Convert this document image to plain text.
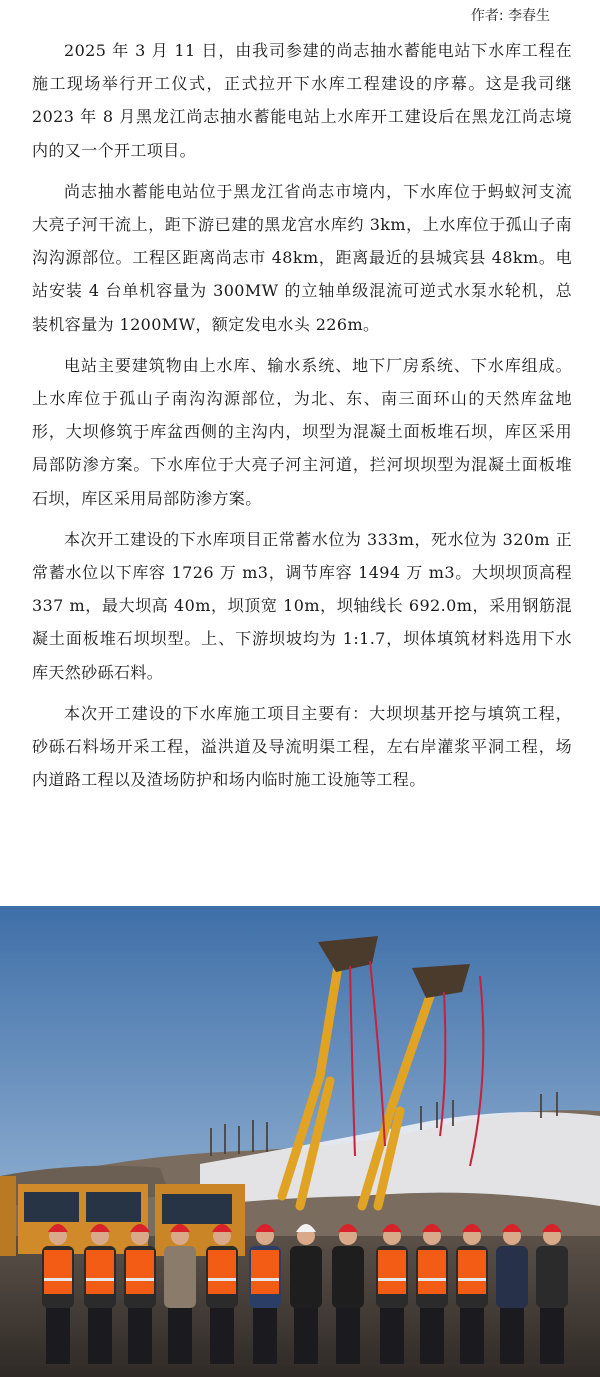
作者: 李春生

2025 年 3 月 11 日，由我司参建的尚志抽水蓄能电站下水库工程在施工现场举行开工仪式，正式拉开下水库工程建设的序幕。这是我司继 2023 年 8 月黑龙江尚志抽水蓄能电站上水库开工建设后在黑龙江尚志境内的又一个开工项目。

尚志抽水蓄能电站位于黑龙江省尚志市境内，下水库位于蚂蚁河支流大亮子河干流上，距下游已建的黑龙宫水库约 3km，上水库位于孤山子南沟沟源部位。工程区距离尚志市 48km，距离最近的县城宾县 48km。电站安装 4 台单机容量为 300MW 的立轴单级混流可逆式水泵水轮机，总装机容量为 1200MW，额定发电水头 226m。

电站主要建筑物由上水库、输水系统、地下厂房系统、下水库组成。上水库位于孤山子南沟沟源部位，为北、东、南三面环山的天然库盆地形，大坝修筑于库盆西侧的主沟内，坝型为混凝土面板堆石坝，库区采用局部防渗方案。下水库位于大亮子河主河道，拦河坝坝型为混凝土面板堆石坝，库区采用局部防渗方案。

本次开工建设的下水库项目正常蓄水位为 333m，死水位为 320m 正常蓄水位以下库容 1726 万 m3，调节库容 1494 万 m3。大坝坝顶高程 337 m，最大坝高 40m，坝顶宽 10m，坝轴线长 692.0m，采用钢筋混凝土面板堆石坝坝型。上、下游坝坡均为 1:1.7，坝体填筑材料选用下水库天然砂砾石料。

本次开工建设的下水库施工项目主要有：大坝坝基开挖与填筑工程，砂砾石料场开采工程，溢洪道及导流明渠工程，左右岸灌浆平洞工程，场内道路工程以及渣场防护和场内临时施工设施等工程。
